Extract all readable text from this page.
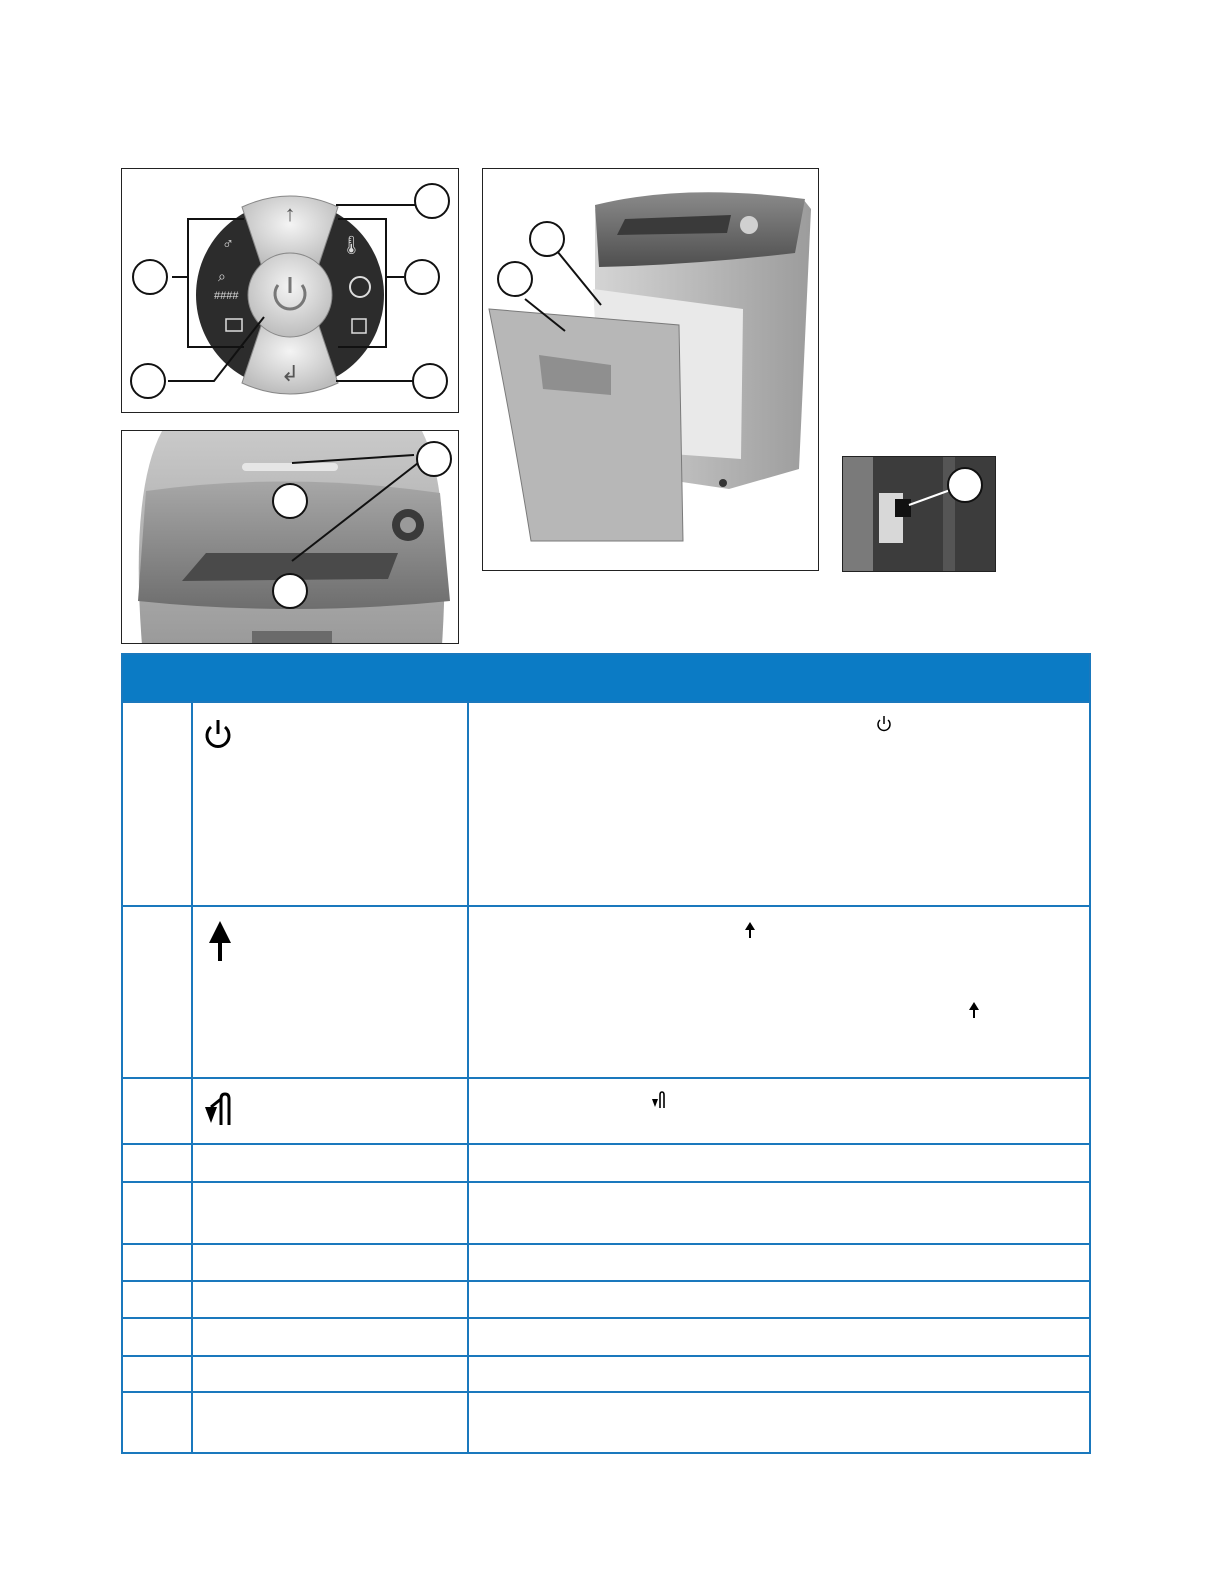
↑
↲
♂
⌕
####
🌡
